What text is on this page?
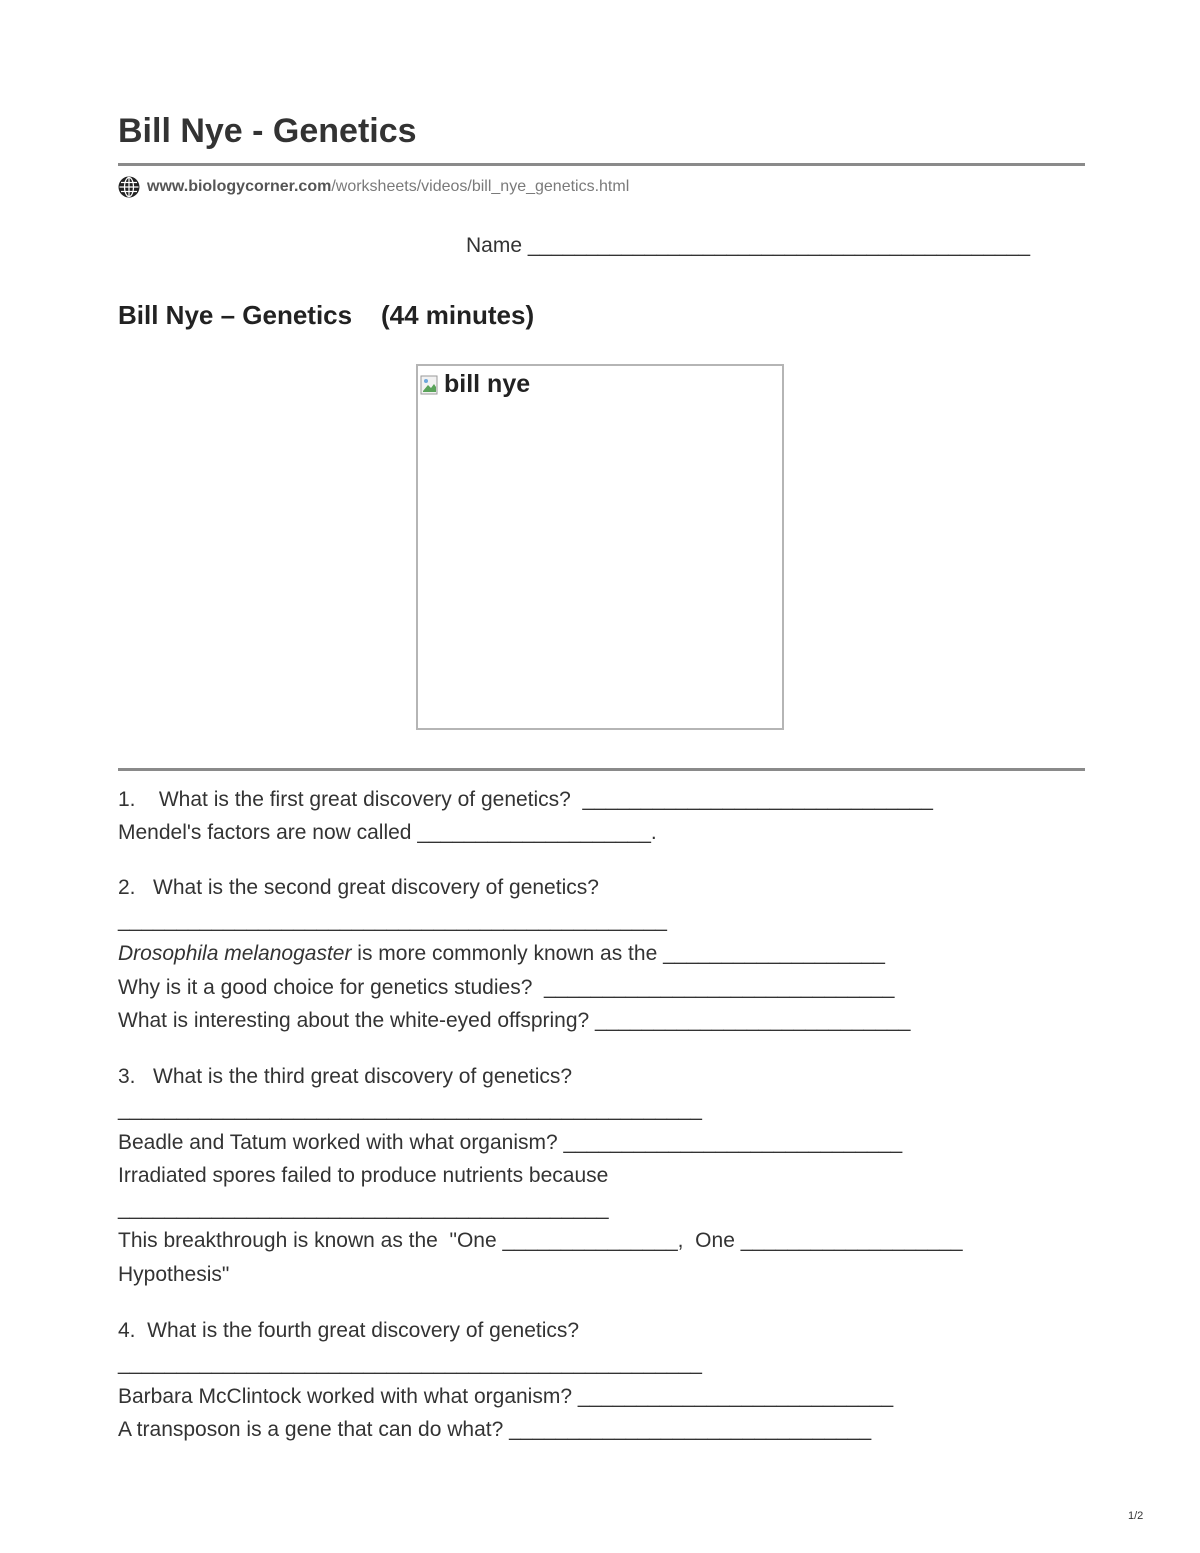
Bill Nye - Genetics
www.biologycorner.com /worksheets/videos/bill_nye_genetics.html
Name ___________________________________________
Bill Nye – Genetics    (44 minutes)
bill nye
1.    What is the first great discovery of genetics?  ______________________________
Mendel's factors are now called ____________________.
2.   What is the second great discovery of genetics?
_______________________________________________
Drosophila melanogaster is more commonly known as the ___________________
Why is it a good choice for genetics studies?  ______________________________
What is interesting about the white-eyed offspring? ___________________________
3.   What is the third great discovery of genetics?
__________________________________________________
Beadle and Tatum worked with what organism? _____________________________
Irradiated spores failed to produce nutrients because
__________________________________________
This breakthrough is known as the  "One _______________,  One ___________________
Hypothesis"
4.  What is the fourth great discovery of genetics?
__________________________________________________
Barbara McClintock worked with what organism? ___________________________
A transposon is a gene that can do what? _______________________________
1/2
